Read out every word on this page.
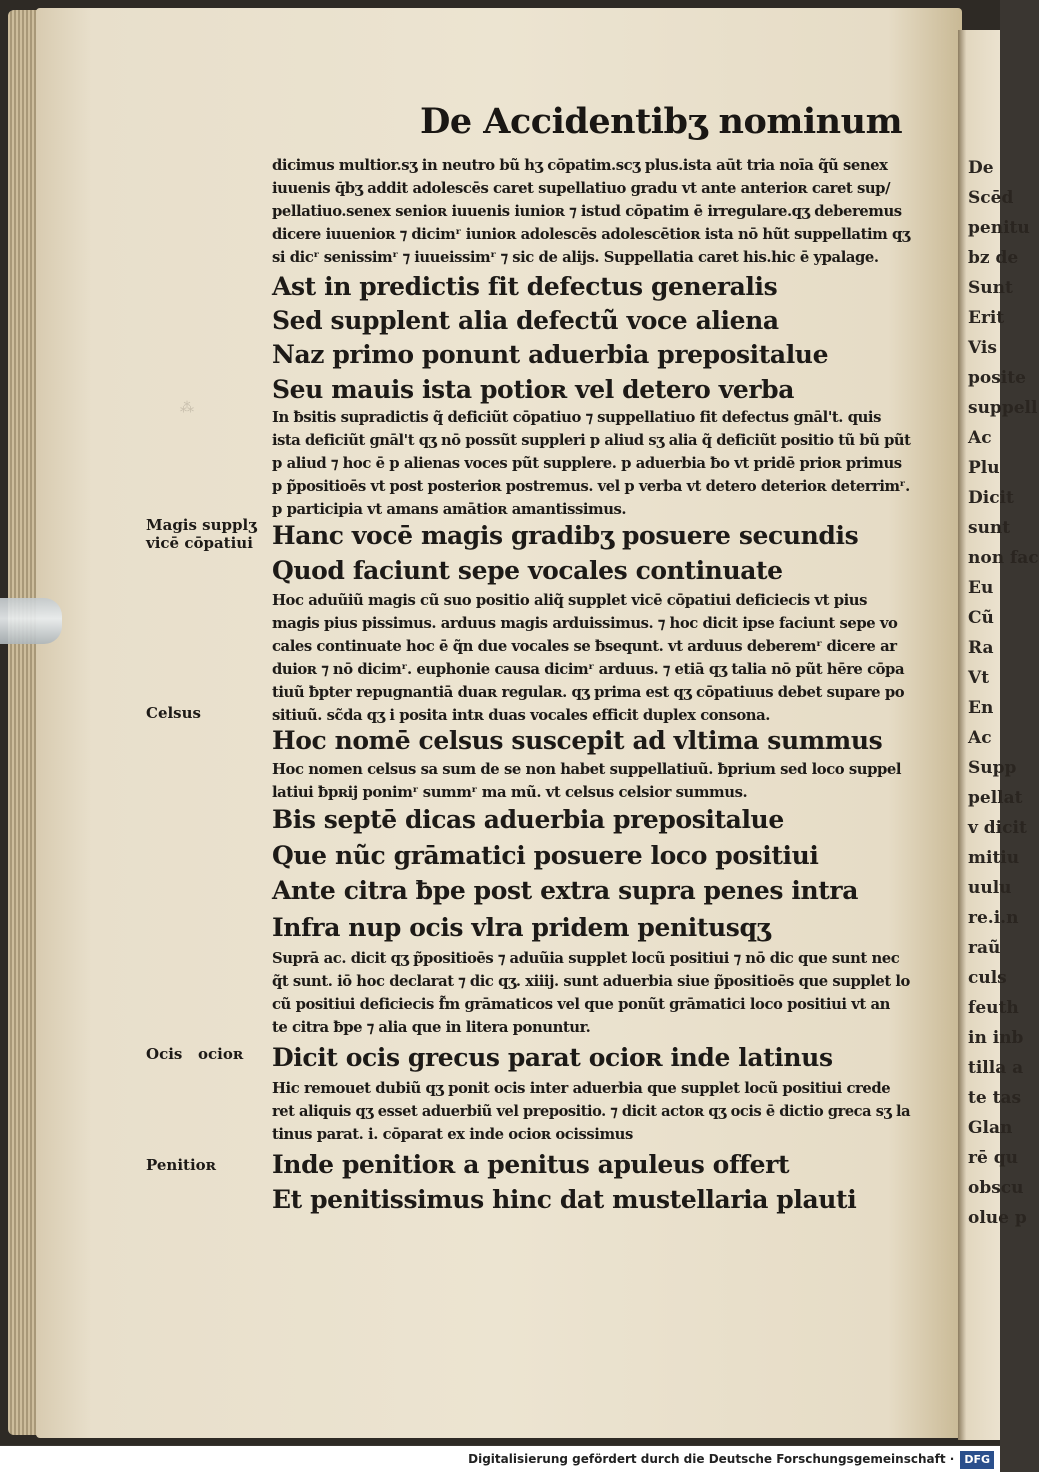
⁂
De
Scēd
penitu
bz de
Sunt
Erit
Vis
posite
suppell
Ac
Plu
Dicit
sunt
non fac
Eu
Cũ
Ra
Vt
En
Ac
Supp
pellat
v dicit
mitiu
uulu
re.i.n
raũ
culs
feuth
in inb
tilla a
te tas
Glan
rē qu
obscu
olue p
De Accidentibʒ nominum
dicimus multior.sʒ in neutro bũ hʒ cōpatim.scʒ plus.ista aūt tria noīa q̃ũ senex
iuuenis q̄bʒ addit adolescēs caret supellatiuo gradu vt ante anterioʀ caret sup/
pellatiuo.senex senioʀ iuuenis iunioʀ ⁊ istud cōpatim ē irregulare.qʒ deberemus
dicere iuuenioʀ ⁊ dicimʳ iunioʀ adolescēs adolescētioʀ ista nō hũt suppellatim qʒ
si dicʳ senissimʳ ⁊ iuueissimʳ ⁊ sic de alijs. Suppellatia caret his.hic ē ypalage.
Ast in predictis fit defectus generalis
Sed supplent alia defectũ voce aliena
Naz primo ponunt aduerbia prepositalue
Seu mauis ista potioʀ vel detero verba
In ƀsitis supradictis q̃ deficiũt cōpatiuo ⁊ suppellatiuo fit defectus gnāl't. quis
ista deficiũt gnāl't qʒ nō possũt suppleri p aliud sʒ alia q̃ deficiũt positio tũ bũ pũt
p aliud ⁊ hoc ē p alienas voces pũt supplere. p aduerbia ƀo vt pridē prioʀ primus
p p̃positioēs vt post posterioʀ postremus. vel p verba vt detero deterioʀ deterrimʳ.
p participia vt amans amātioʀ amantissimus.
Hanc vocē magis gradibʒ posuere secundis
Quod faciunt sepe vocales continuate
Hoc aduũiũ magis cũ suo positio aliq̃ supplet vicē cōpatiui deficiecis vt pius
magis pius pissimus. arduus magis arduissimus. ⁊ hoc dicit ipse faciunt sepe vo
cales continuate hoc ē q̃n due vocales se ƀsequnt. vt arduus deberemʳ dicere ar
duioʀ ⁊ nō dicimʳ. euphonie causa dicimʳ arduus. ⁊ etiā qʒ talia nō pũt hēre cōpa
tiuũ ƀpter repugnantiā duaʀ regulaʀ. qʒ prima est qʒ cōpatiuus debet supare po
sitiuũ. sc̃da qʒ i posita intʀ duas vocales efficit duplex consona.
Hoc nomē celsus suscepit ad vltima summus
Hoc nomen celsus sa sum de se non habet suppellatiuũ. ƀprium sed loco suppel
latiui ƀpʀij ponimʳ summʳ ma mũ. vt celsus celsior summus.
Bis septē dicas aduerbia prepositalue
Que nũc grāmatici posuere loco positiui
Ante citra ƀpe post extra supra penes intra
Infra nup ocis vlra pridem penitusqʒ
Suprā ac. dicit qʒ p̃positioēs ⁊ aduũia supplet locũ positiui ⁊ nō dic que sunt nec
q̃t sunt. iō hoc declarat ⁊ dic qʒ. xiiij. sunt aduerbia siue p̃positioēs que supplet lo
cũ positiui deficiecis f̃m grāmaticos vel que ponũt grāmatici loco positiui vt an
te citra ƀpe ⁊ alia que in litera ponuntur.
Dicit ocis grecus parat ocioʀ inde latinus
Hic remouet dubiũ qʒ ponit ocis inter aduerbia que supplet locũ positiui crede
ret aliquis qʒ esset aduerbiũ vel prepositio. ⁊ dicit actoʀ qʒ ocis ē dictio greca sʒ la
tinus parat. i. cōparat ex inde ocioʀ ocissimus
Inde penitioʀ a penitus apuleus offert
Et penitissimus hinc dat mustellaria plauti
Magis supplʒ
vicē cōpatiui
Celsus
Ocis   ocioʀ
Penitioʀ
Digitalisierung gefördert durch die Deutsche Forschungsgemeinschaft · DFG
